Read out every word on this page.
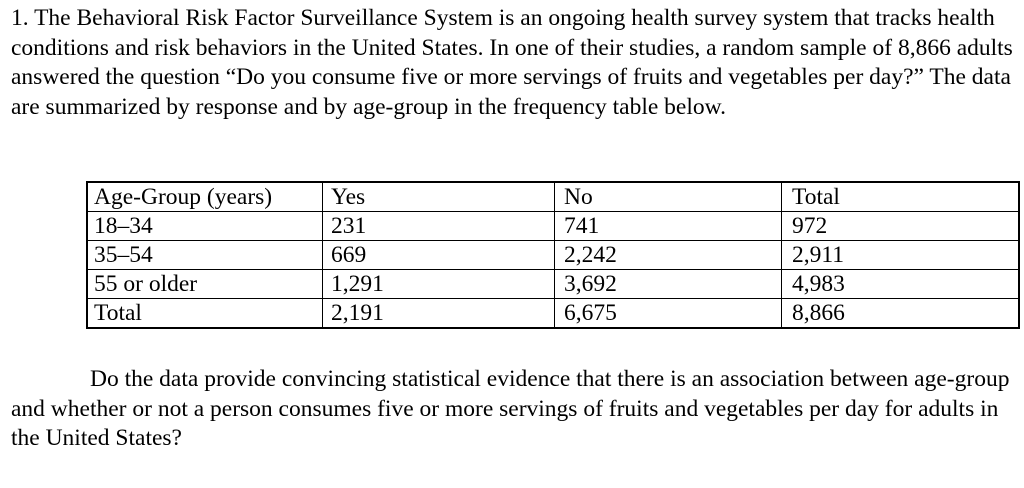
1. The Behavioral Risk Factor Surveillance System is an ongoing health survey system that tracks health conditions and risk behaviors in the United States. In one of their studies, a random sample of 8,866 adults answered the question “Do you consume five or more servings of fruits and vegetables per day?” The data are summarized by response and by age-group in the frequency table below.

Age-Group (years)	Yes	No	Total
18–34	231	741	972
35–54	669	2,242	2,911
55 or older	1,291	3,692	4,983
Total	2,191	6,675	8,866

Do the data provide convincing statistical evidence that there is an association between age-group and whether or not a person consumes five or more servings of fruits and vegetables per day for adults in the United States?
